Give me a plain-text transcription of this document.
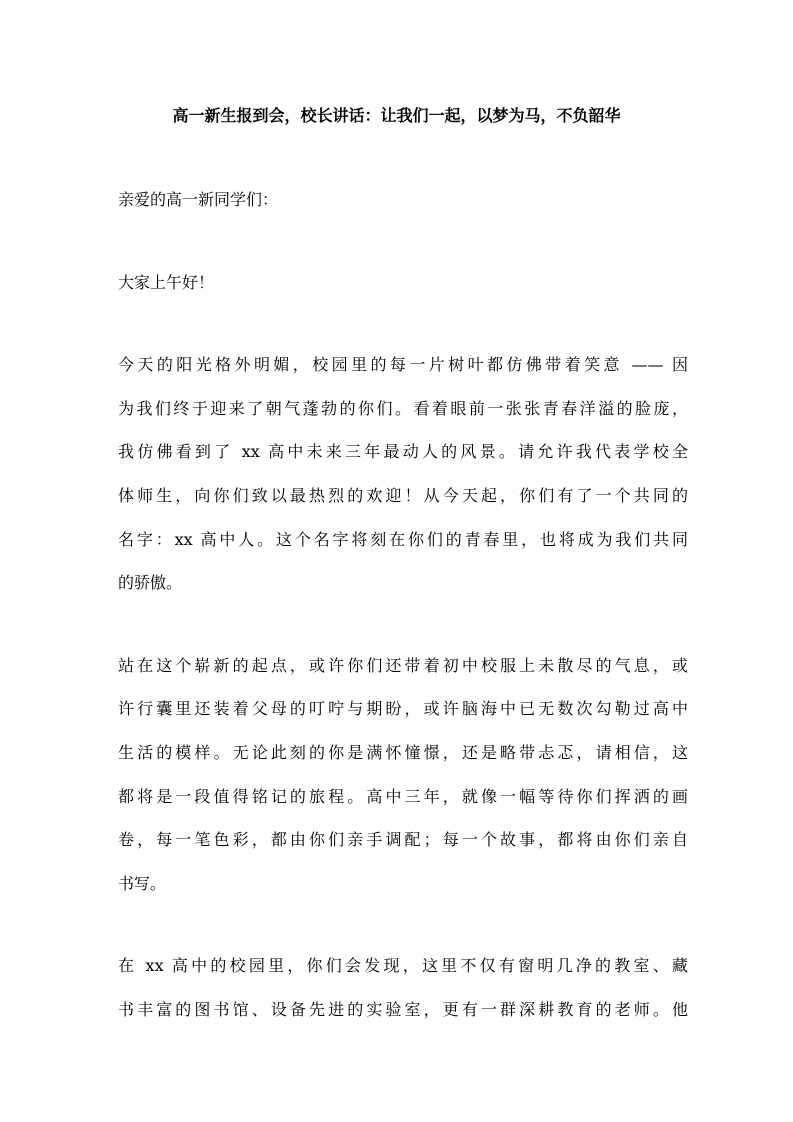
高一新生报到会，校长讲话：让我们一起，以梦为马，不负韶华
亲爱的高一新同学们：
大家上午好！
今天的阳光格外明媚，校园里的每一片树叶都仿佛带着笑意 —— 因
为我们终于迎来了朝气蓬勃的你们。看着眼前一张张青春洋溢的脸庞，
我仿佛看到了 xx 高中未来三年最动人的风景。请允许我代表学校全
体师生，向你们致以最热烈的欢迎！从今天起，你们有了一个共同的
名字：xx 高中人。这个名字将刻在你们的青春里，也将成为我们共同
的骄傲。
站在这个崭新的起点，或许你们还带着初中校服上未散尽的气息，或
许行囊里还装着父母的叮咛与期盼，或许脑海中已无数次勾勒过高中
生活的模样。无论此刻的你是满怀憧憬，还是略带忐忑，请相信，这
都将是一段值得铭记的旅程。高中三年，就像一幅等待你们挥洒的画
卷，每一笔色彩，都由你们亲手调配；每一个故事，都将由你们亲自
书写。
在 xx 高中的校园里，你们会发现，这里不仅有窗明几净的教室、藏
书丰富的图书馆、设备先进的实验室，更有一群深耕教育的老师。他
